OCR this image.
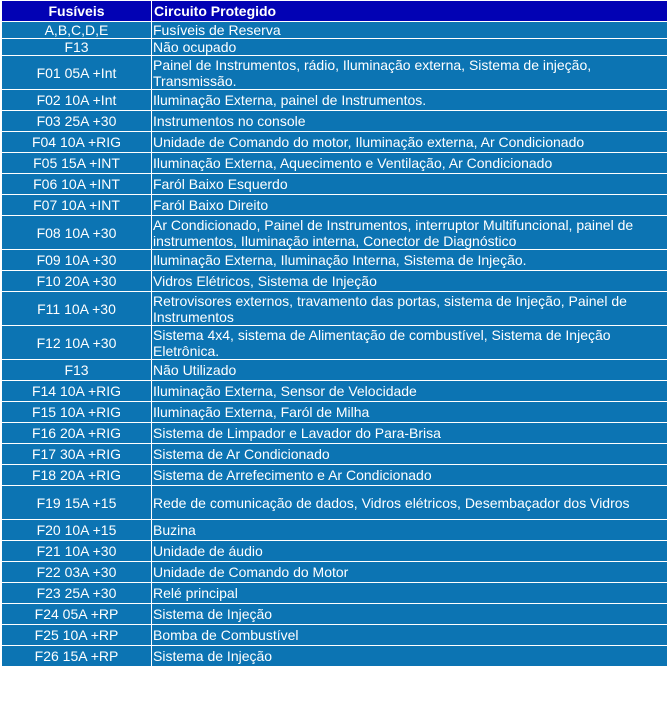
Fusíveis	Circuito Protegido
A,B,C,D,E	Fusíveis de Reserva
F13	Não ocupado
F01 05A +Int	Painel de Instrumentos, rádio, Iluminação externa, Sistema de injeção, Transmissão.
F02 10A +Int	Iluminação Externa, painel de Instrumentos.
F03 25A +30	Instrumentos no console
F04 10A +RIG	Unidade de Comando do motor, Iluminação externa, Ar Condicionado
F05 15A +INT	Iluminação Externa, Aquecimento e Ventilação, Ar Condicionado
F06 10A +INT	Faról Baixo Esquerdo
F07 10A +INT	Faról Baixo Direito
F08 10A +30	Ar Condicionado, Painel de Instrumentos, interruptor Multifuncional, painel de instrumentos, Iluminação interna, Conector de Diagnóstico
F09 10A +30	Iluminação Externa, Iluminação Interna, Sistema de Injeção.
F10 20A +30	Vidros Elétricos, Sistema de Injeção
F11 10A +30	Retrovisores externos, travamento das portas, sistema de Injeção, Painel de Instrumentos
F12 10A +30	Sistema 4x4, sistema de Alimentação de combustível, Sistema de Injeção Eletrônica.
F13	Não Utilizado
F14 10A +RIG	Iluminação Externa, Sensor de Velocidade
F15 10A +RIG	Iluminação Externa, Faról de Milha
F16 20A +RIG	Sistema de Limpador e Lavador do Para-Brisa
F17 30A +RIG	Sistema de Ar Condicionado
F18 20A +RIG	Sistema de Arrefecimento e Ar Condicionado
F19 15A +15	Rede de comunicação de dados, Vidros elétricos, Desembaçador dos Vidros
F20 10A +15	Buzina
F21 10A +30	Unidade de áudio
F22 03A +30	Unidade de Comando do Motor
F23 25A +30	Relé principal
F24 05A +RP	Sistema de Injeção
F25 10A +RP	Bomba de Combustível
F26 15A +RP	Sistema de Injeção
